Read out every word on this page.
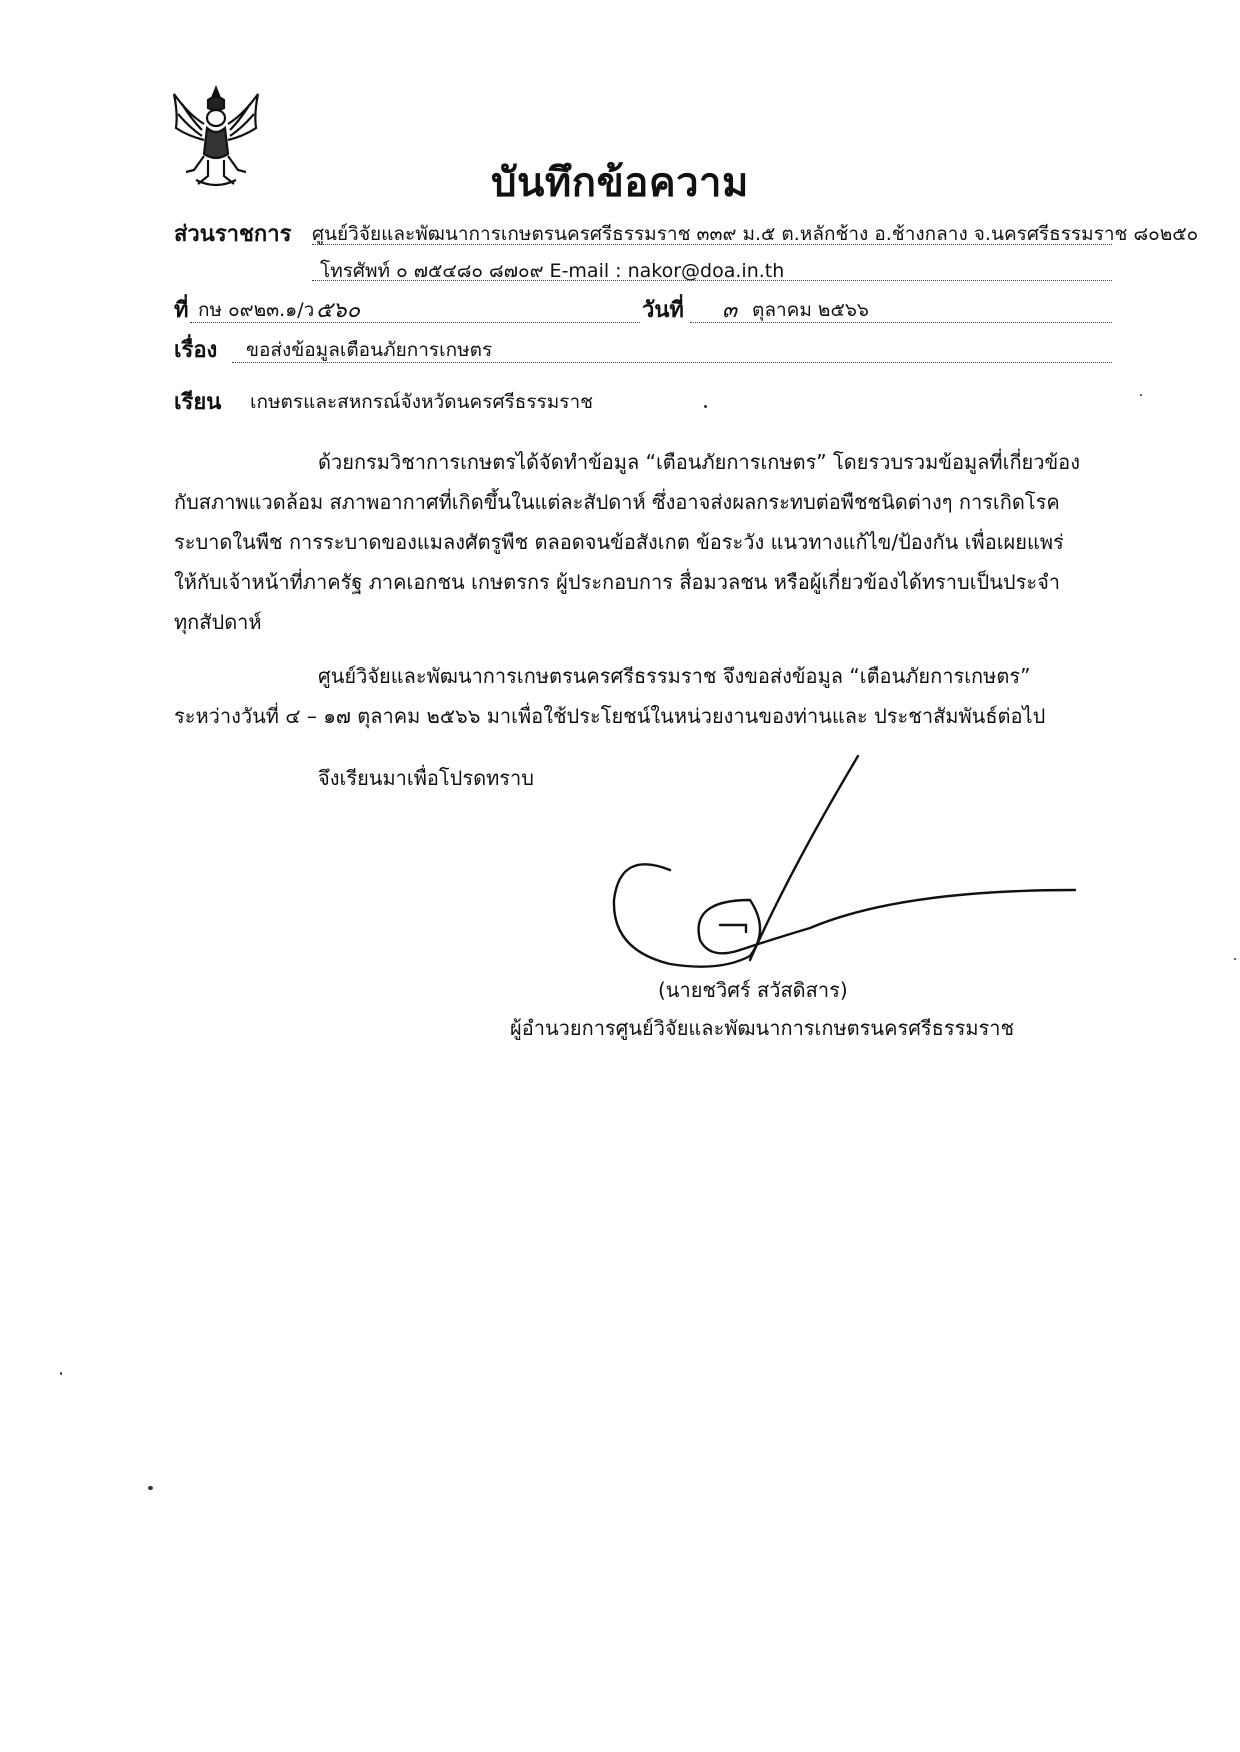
บันทึกข้อความ
ส่วนราชการ ศูนย์วิจัยและพัฒนาการเกษตรนครศรีธรรมราช ๓๓๙ ม.๕ ต.หลักช้าง อ.ช้างกลาง จ.นครศรีธรรมราช ๘๐๒๕๐
โทรศัพท์ ๐ ๗๕๔๘๐ ๘๗๐๙ E-mail : nakor@doa.in.th
ที่ กษ ๐๙๒๓.๑/ว ๕๖๐	วันที่ ๓ ตุลาคม ๒๕๖๖
เรื่อง ขอส่งข้อมูลเตือนภัยการเกษตร
เรียน เกษตรและสหกรณ์จังหวัดนครศรีธรรมราช
ด้วยกรมวิชาการเกษตรได้จัดทำข้อมูล “เตือนภัยการเกษตร” โดยรวบรวมข้อมูลที่เกี่ยวข้อง
กับสภาพแวดล้อม สภาพอากาศที่เกิดขึ้นในแต่ละสัปดาห์ ซึ่งอาจส่งผลกระทบต่อพืชชนิดต่างๆ การเกิดโรค
ระบาดในพืช การระบาดของแมลงศัตรูพืช ตลอดจนข้อสังเกต ข้อระวัง แนวทางแก้ไข/ป้องกัน เพื่อเผยแพร่
ให้กับเจ้าหน้าที่ภาครัฐ ภาคเอกชน เกษตรกร ผู้ประกอบการ สื่อมวลชน หรือผู้เกี่ยวข้องได้ทราบเป็นประจำ
ทุกสัปดาห์
ศูนย์วิจัยและพัฒนาการเกษตรนครศรีธรรมราช จึงขอส่งข้อมูล “เตือนภัยการเกษตร”
ระหว่างวันที่ ๔ – ๑๗ ตุลาคม ๒๕๖๖ มาเพื่อใช้ประโยชน์ในหน่วยงานของท่านและ ประชาสัมพันธ์ต่อไป
จึงเรียนมาเพื่อโปรดทราบ
(นายชวิศร์ สวัสดิสาร)
ผู้อำนวยการศูนย์วิจัยและพัฒนาการเกษตรนครศรีธรรมราช
